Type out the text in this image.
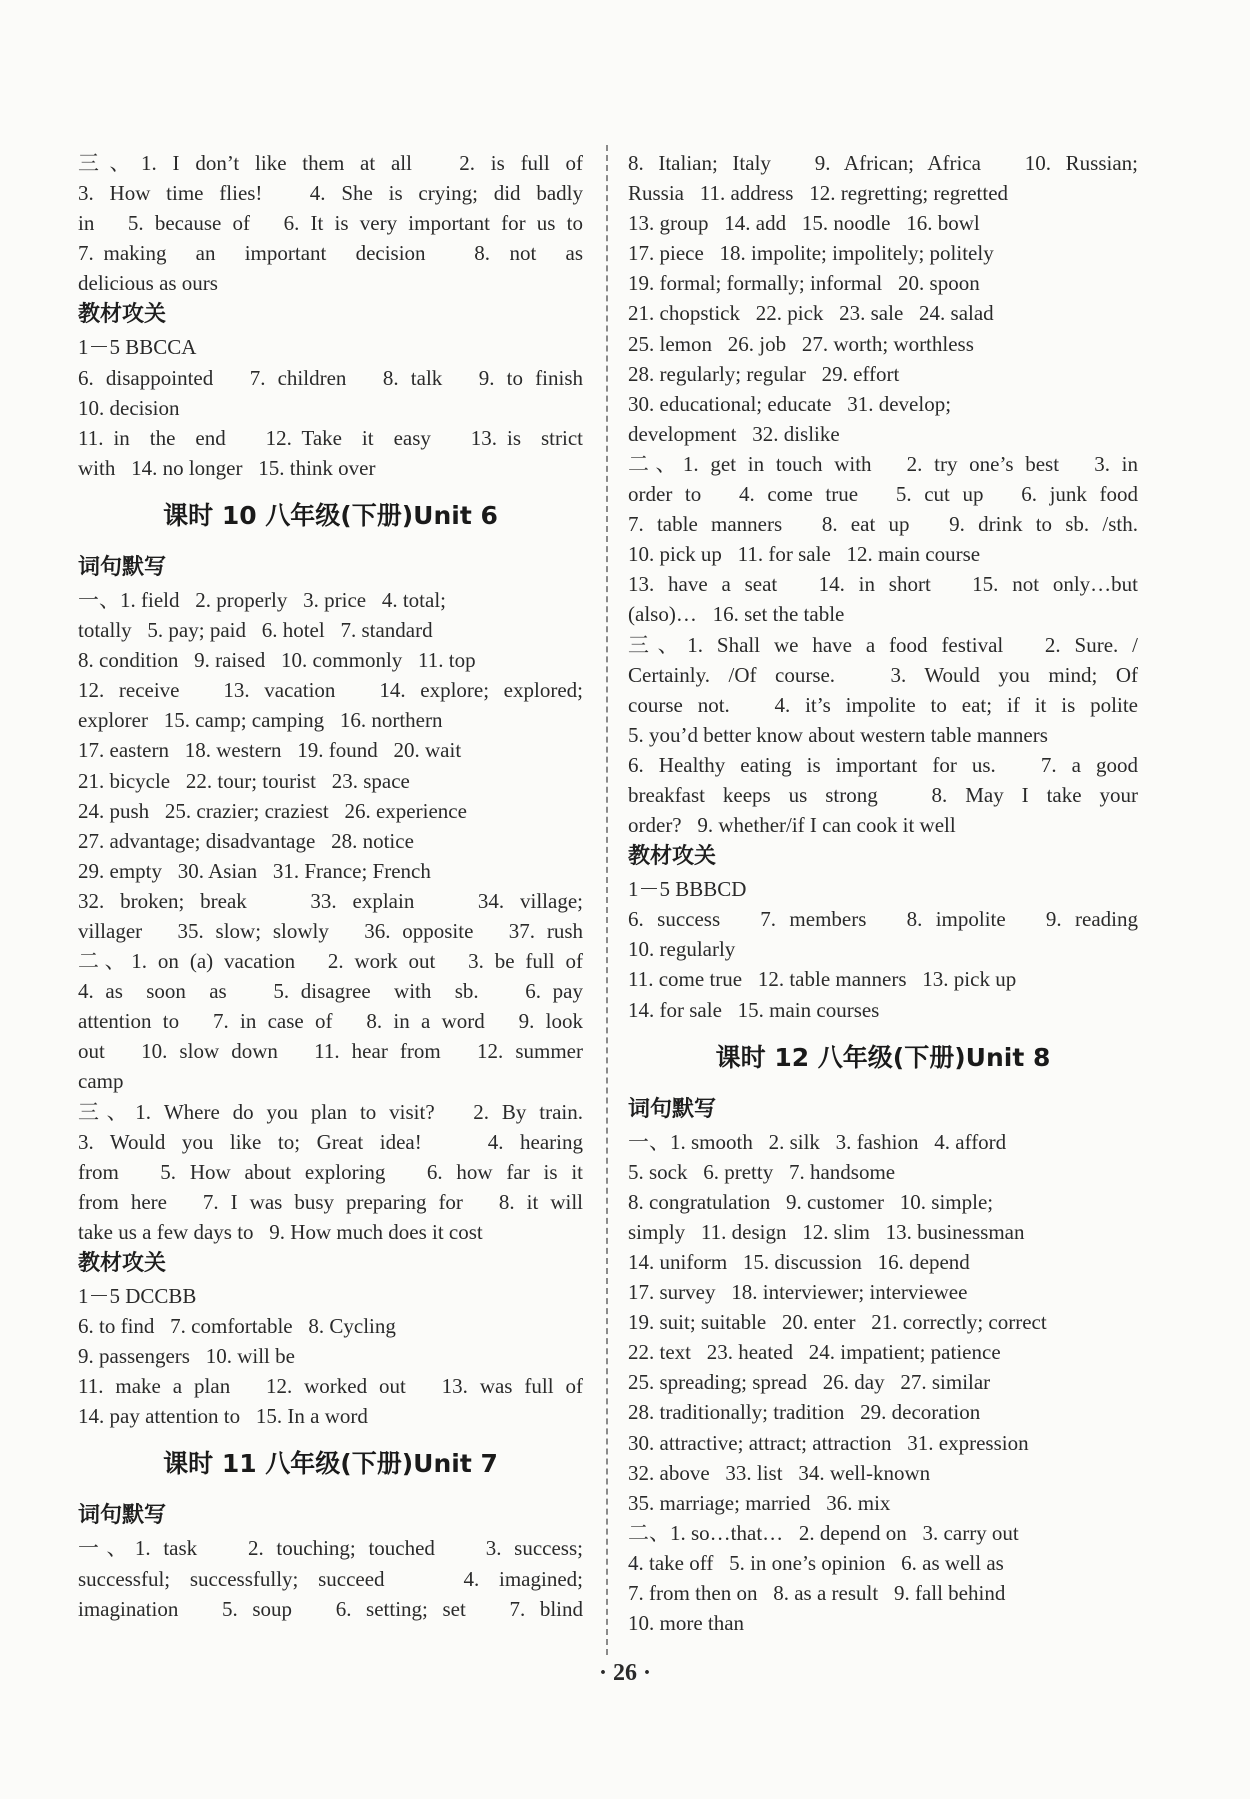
三、1. I don’t like them at all   2. is full of
3. How time flies!   4. She is crying; did badly
in   5. because of   6. It is very important for us to
7. making   an   important   decision     8.  not   as
delicious as ours
教材攻关
1－5 BBCCA
6. disappointed   7. children   8. talk   9. to finish
10. decision
11. in  the  end    12. Take  it  easy    13. is  strict
with   14. no longer   15. think over
课时 10 八年级(下册)Unit 6
词句默写
一、1. field   2. properly   3. price   4. total;
totally   5. pay; paid   6. hotel   7. standard
8. condition   9. raised   10. commonly   11. top
12. receive   13. vacation   14. explore; explored;
explorer   15. camp; camping   16. northern
17. eastern   18. western   19. found   20. wait
21. bicycle   22. tour; tourist   23. space
24. push   25. crazier; craziest   26. experience
27. advantage; disadvantage   28. notice
29. empty   30. Asian   31. France; French
32. broken; break    33. explain    34. village;
villager   35. slow; slowly   36. opposite   37. rush
二、1. on (a) vacation   2. work out   3. be full of
4. as  soon  as    5. disagree  with  sb.    6. pay
attention to   7. in case of   8. in a word   9. look
out   10. slow down   11. hear from   12. summer
camp
三、1. Where do you plan to visit?   2. By train.
3. Would you like to; Great idea!    4. hearing
from   5. How about exploring   6. how far is it
from here   7. I was busy preparing for   8. it will
take us a few days to   9. How much does it cost
教材攻关
1－5 DCCBB
6. to find   7. comfortable   8. Cycling
9. passengers   10. will be
11. make a plan   12. worked out   13. was full of
14. pay attention to   15. In a word
课时 11 八年级(下册)Unit 7
词句默写
一、1. task    2. touching; touched    3. success;
successful; successfully; succeed    4. imagined;
imagination   5. soup   6. setting; set   7. blind
8. Italian; Italy   9. African; Africa   10. Russian;
Russia   11. address   12. regretting; regretted
13. group   14. add   15. noodle   16. bowl
17. piece   18. impolite; impolitely; politely
19. formal; formally; informal   20. spoon
21. chopstick   22. pick   23. sale   24. salad
25. lemon   26. job   27. worth; worthless
28. regularly; regular   29. effort
30. educational; educate   31. develop;
development   32. dislike
二、1. get in touch with   2. try one’s best   3. in
order to   4. come true   5. cut up   6. junk food
7. table manners   8. eat up   9. drink to sb. /sth.
10. pick up   11. for sale   12. main course
13. have a seat   14. in short   15. not only…but
(also)…   16. set the table
三、1. Shall we have a food festival   2. Sure. /
Certainly. /Of course.   3. Would you mind; Of
course not.   4. it’s impolite to eat; if it is polite
5. you’d better know about western table manners
6. Healthy eating is important for us.   7. a good
breakfast keeps us strong   8. May I take your
order?   9. whether/if I can cook it well
教材攻关
1－5 BBBCD
6. success   7. members   8. impolite   9. reading
10. regularly
11. come true   12. table manners   13. pick up
14. for sale   15. main courses
课时 12 八年级(下册)Unit 8
词句默写
一、1. smooth   2. silk   3. fashion   4. afford
5. sock   6. pretty   7. handsome
8. congratulation   9. customer   10. simple;
simply   11. design   12. slim   13. businessman
14. uniform   15. discussion   16. depend
17. survey   18. interviewer; interviewee
19. suit; suitable   20. enter   21. correctly; correct
22. text   23. heated   24. impatient; patience
25. spreading; spread   26. day   27. similar
28. traditionally; tradition   29. decoration
30. attractive; attract; attraction   31. expression
32. above   33. list   34. well-known
35. marriage; married   36. mix
二、1. so…that…   2. depend on   3. carry out
4. take off   5. in one’s opinion   6. as well as
7. from then on   8. as a result   9. fall behind
10. more than
· 26 ·
